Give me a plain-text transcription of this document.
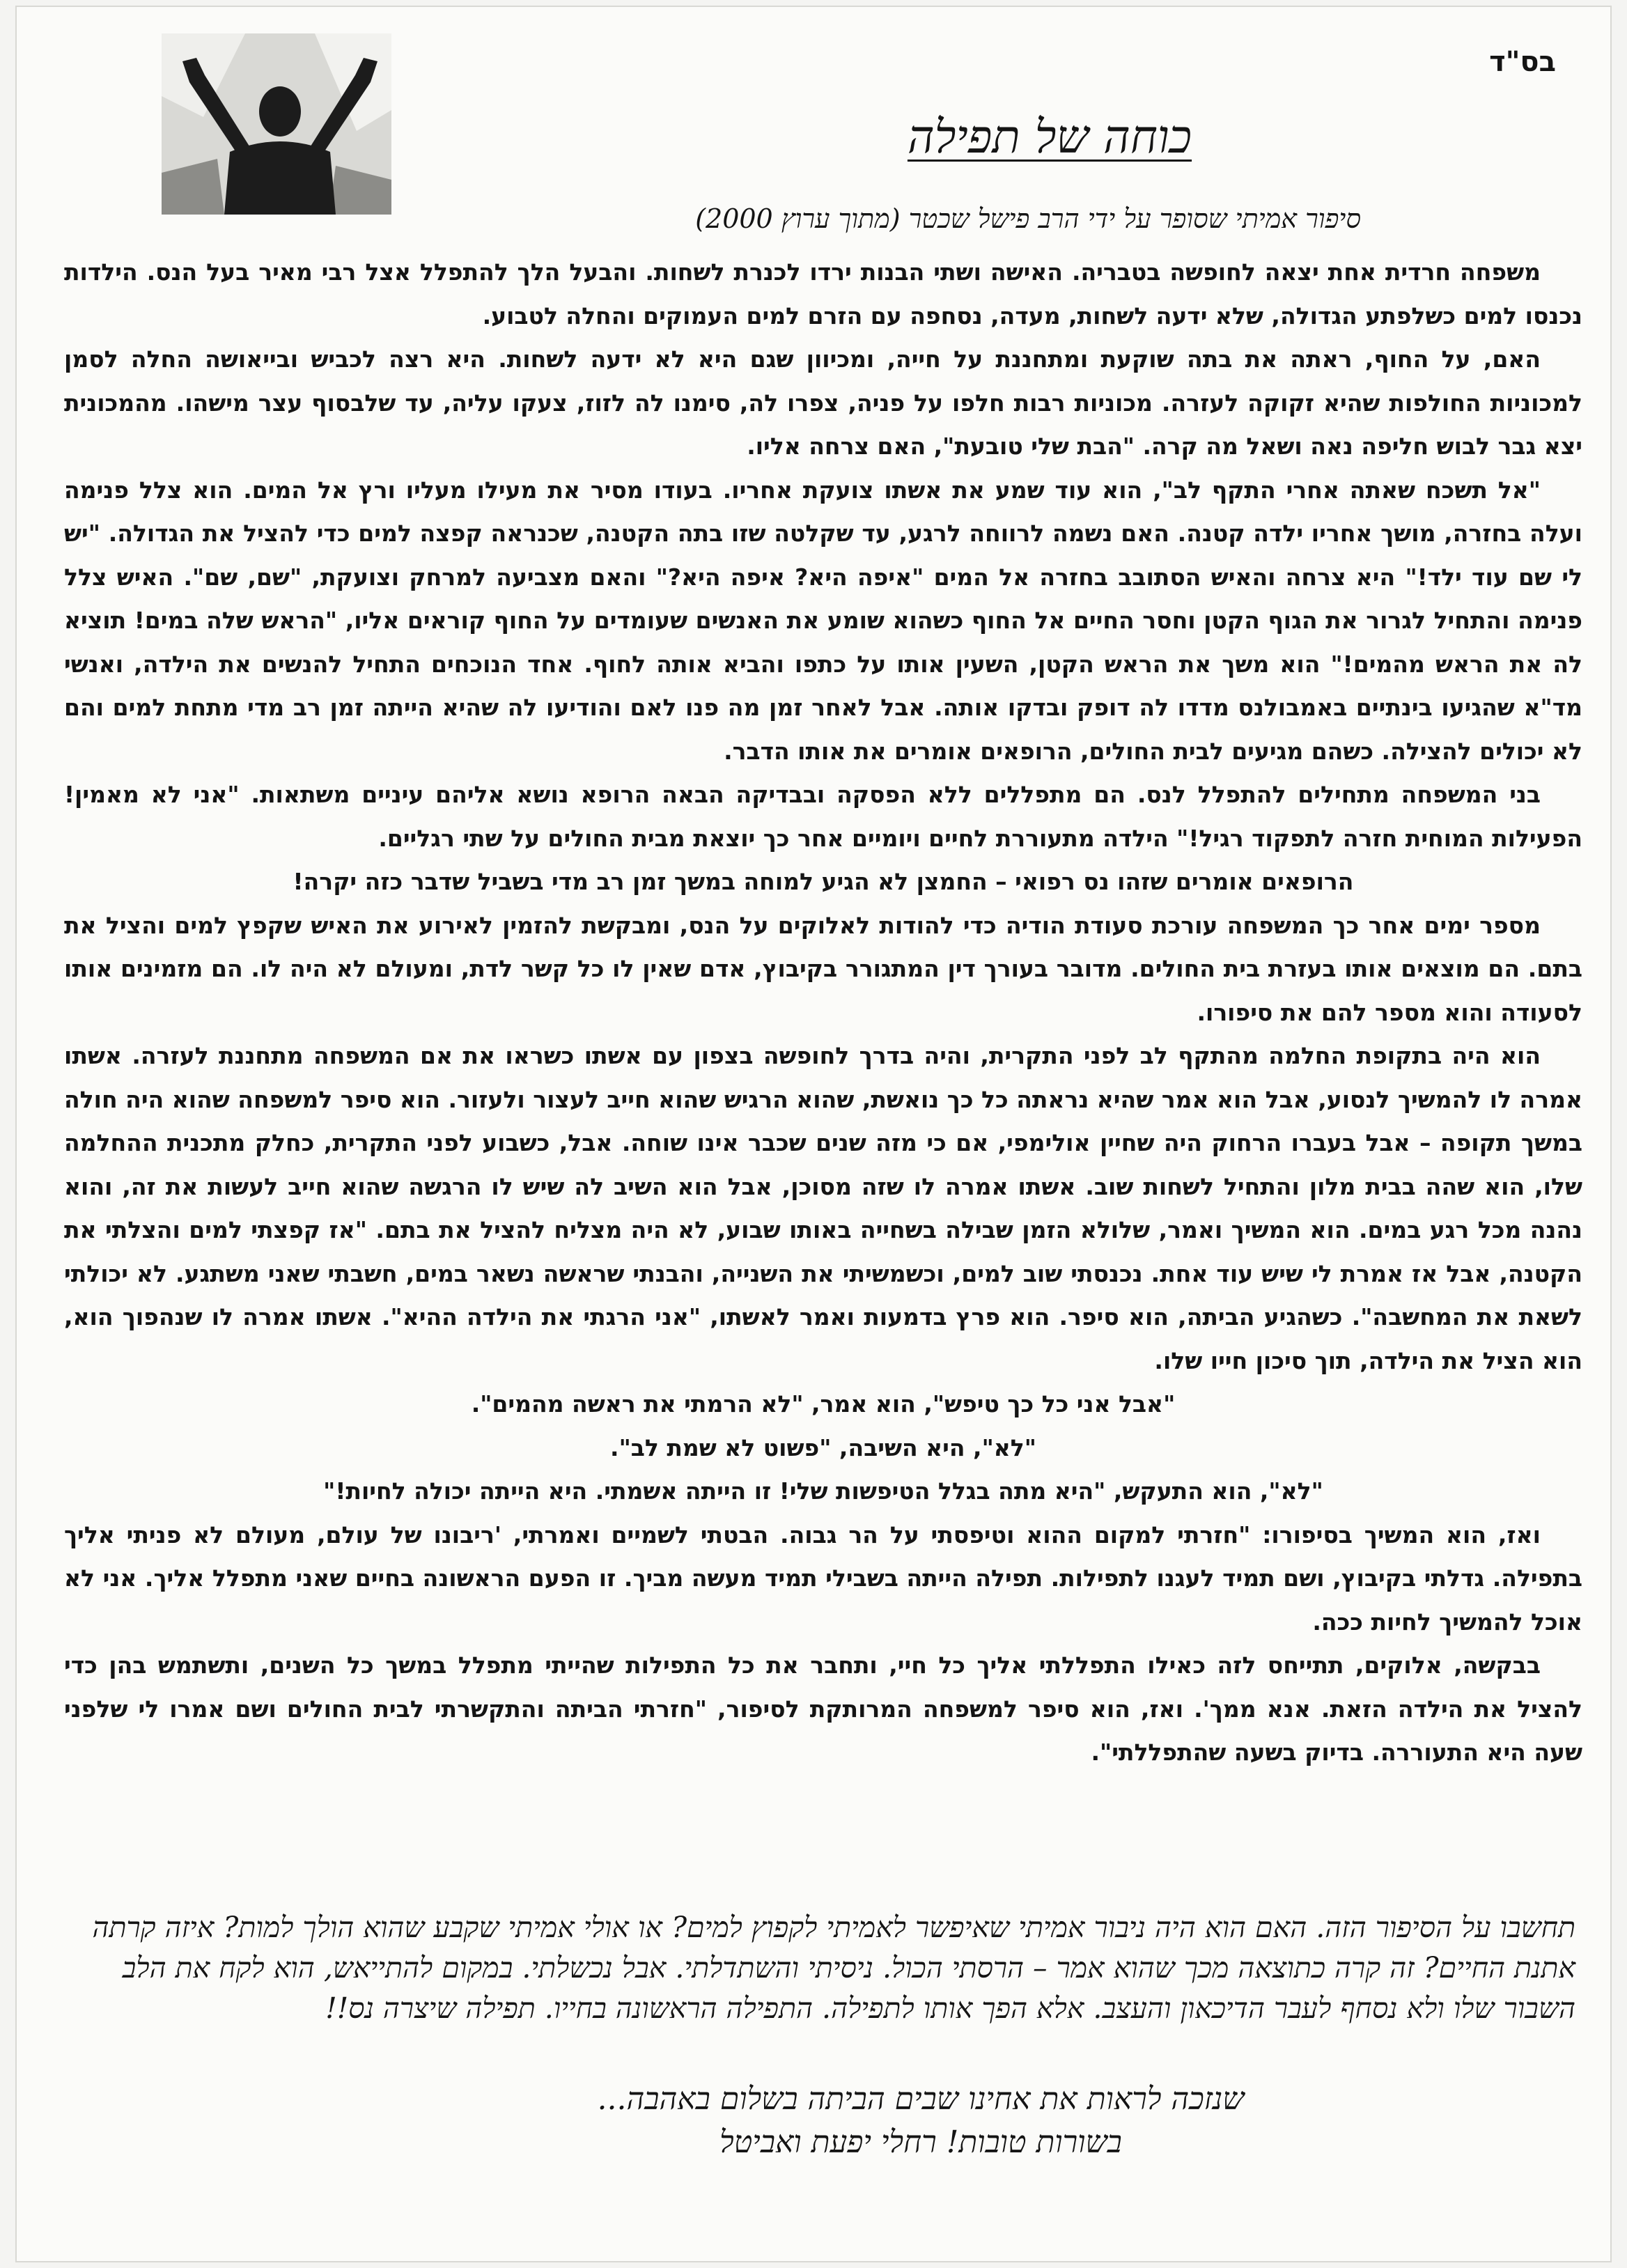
בס"ד
כוחה של תפילה
סיפור אמיתי שסופר על ידי הרב פישל שכטר (מתוך ערוץ 2000)

משפחה חרדית אחת יצאה לחופשה בטבריה. האישה ושתי הבנות ירדו לכנרת לשחות. והבעל הלך להתפלל אצל רבי מאיר בעל הנס. הילדות נכנסו למים כשלפתע הגדולה, שלא ידעה לשחות, מעדה, נסחפה עם הזרם למים העמוקים והחלה לטבוע.

האם, על החוף, ראתה את בתה שוקעת ומתחננת על חייה, ומכיוון שגם היא לא ידעה לשחות. היא רצה לכביש ובייאושה החלה לסמן למכוניות החולפות שהיא זקוקה לעזרה. מכוניות רבות חלפו על פניה, צפרו לה, סימנו לה לזוז, צעקו עליה, עד שלבסוף עצר מישהו. מהמכונית יצא גבר לבוש חליפה נאה ושאל מה קרה. "הבת שלי טובעת", האם צרחה אליו.

"אל תשכח שאתה אחרי התקף לב", הוא עוד שמע את אשתו צועקת אחריו. בעודו מסיר את מעילו מעליו ורץ אל המים. הוא צלל פנימה ועלה בחזרה, מושך אחריו ילדה קטנה. האם נשמה לרווחה לרגע, עד שקלטה שזו בתה הקטנה, שכנראה קפצה למים כדי להציל את הגדולה. "יש לי שם עוד ילד!" היא צרחה והאיש הסתובב בחזרה אל המים "איפה היא? איפה היא?" והאם מצביעה למרחק וצועקת, "שם, שם". האיש צלל פנימה והתחיל לגרור את הגוף הקטן וחסר החיים אל החוף כשהוא שומע את האנשים שעומדים על החוף קוראים אליו, "הראש שלה במים! תוציא לה את הראש מהמים!" הוא משך את הראש הקטן, השעין אותו על כתפו והביא אותה לחוף. אחד הנוכחים התחיל להנשים את הילדה, ואנשי מד"א שהגיעו בינתיים באמבולנס מדדו לה דופק ובדקו אותה. אבל לאחר זמן מה פנו לאם והודיעו לה שהיא הייתה זמן רב מדי מתחת למים והם לא יכולים להצילה. כשהם מגיעים לבית החולים, הרופאים אומרים את אותו הדבר.

בני המשפחה מתחילים להתפלל לנס. הם מתפללים ללא הפסקה ובבדיקה הבאה הרופא נושא אליהם עיניים משתאות. "אני לא מאמין! הפעילות המוחית חזרה לתפקוד רגיל!" הילדה מתעוררת לחיים ויומיים אחר כך יוצאת מבית החולים על שתי רגליים.

הרופאים אומרים שזהו נס רפואי – החמצן לא הגיע למוחה במשך זמן רב מדי בשביל שדבר כזה יקרה!

מספר ימים אחר כך המשפחה עורכת סעודת הודיה כדי להודות לאלוקים על הנס, ומבקשת להזמין לאירוע את האיש שקפץ למים והציל את בתם. הם מוצאים אותו בעזרת בית החולים. מדובר בעורך דין המתגורר בקיבוץ, אדם שאין לו כל קשר לדת, ומעולם לא היה לו. הם מזמינים אותו לסעודה והוא מספר להם את סיפורו.

הוא היה בתקופת החלמה מהתקף לב לפני התקרית, והיה בדרך לחופשה בצפון עם אשתו כשראו את אם המשפחה מתחננת לעזרה. אשתו אמרה לו להמשיך לנסוע, אבל הוא אמר שהיא נראתה כל כך נואשת, שהוא הרגיש שהוא חייב לעצור ולעזור. הוא סיפר למשפחה שהוא היה חולה במשך תקופה – אבל בעברו הרחוק היה שחיין אולימפי, אם כי מזה שנים שכבר אינו שוחה. אבל, כשבוע לפני התקרית, כחלק מתכנית ההחלמה שלו, הוא שהה בבית מלון והתחיל לשחות שוב. אשתו אמרה לו שזה מסוכן, אבל הוא השיב לה שיש לו הרגשה שהוא חייב לעשות את זה, והוא נהנה מכל רגע במים. הוא המשיך ואמר, שלולא הזמן שבילה בשחייה באותו שבוע, לא היה מצליח להציל את בתם. "אז קפצתי למים והצלתי את הקטנה, אבל אז אמרת לי שיש עוד אחת. נכנסתי שוב למים, וכשמשיתי את השנייה, והבנתי שראשה נשאר במים, חשבתי שאני משתגע. לא יכולתי לשאת את המחשבה". כשהגיע הביתה, הוא סיפר. הוא פרץ בדמעות ואמר לאשתו, "אני הרגתי את הילדה ההיא". אשתו אמרה לו שנהפוך הוא, הוא הציל את הילדה, תוך סיכון חייו שלו.

"אבל אני כל כך טיפש", הוא אמר, "לא הרמתי את ראשה מהמים".

"לא", היא השיבה, "פשוט לא שמת לב".

"לא", הוא התעקש, "היא מתה בגלל הטיפשות שלי! זו הייתה אשמתי. היא הייתה יכולה לחיות!"

ואז, הוא המשיך בסיפורו: "חזרתי למקום ההוא וטיפסתי על הר גבוה. הבטתי לשמיים ואמרתי, 'ריבונו של עולם, מעולם לא פניתי אליך בתפילה. גדלתי בקיבוץ, ושם תמיד לעגנו לתפילות. תפילה הייתה בשבילי תמיד מעשה מביך. זו הפעם הראשונה בחיים שאני מתפלל אליך. אני לא אוכל להמשיך לחיות ככה.

בבקשה, אלוקים, תתייחס לזה כאילו התפללתי אליך כל חיי, ותחבר את כל התפילות שהייתי מתפלל במשך כל השנים, ותשתמש בהן כדי להציל את הילדה הזאת. אנא ממך'. ואז, הוא סיפר למשפחה המרותקת לסיפור, "חזרתי הביתה והתקשרתי לבית החולים ושם אמרו לי שלפני שעה היא התעוררה. בדיוק בשעה שהתפללתי".

תחשבו על הסיפור הזה. האם הוא היה ניבור אמיתי שאיפשר לאמיתי לקפוץ למים? או אולי אמיתי שקבע שהוא הולך למות? איזה קרתה אתנת החיים? זה קרה כתוצאה מכך שהוא אמר – הרסתי הכול. ניסיתי והשתדלתי. אבל נכשלתי. במקום להתייאש, הוא לקח את הלב השבור שלו ולא נסחף לעבר הדיכאון והעצב. אלא הפך אותו לתפילה. התפילה הראשונה בחייו. תפילה שיצרה נס!!

שנזכה לראות את אחינו שבים הביתה בשלום באהבה...

בשורות טובות! רחלי יפעת ואביטל
